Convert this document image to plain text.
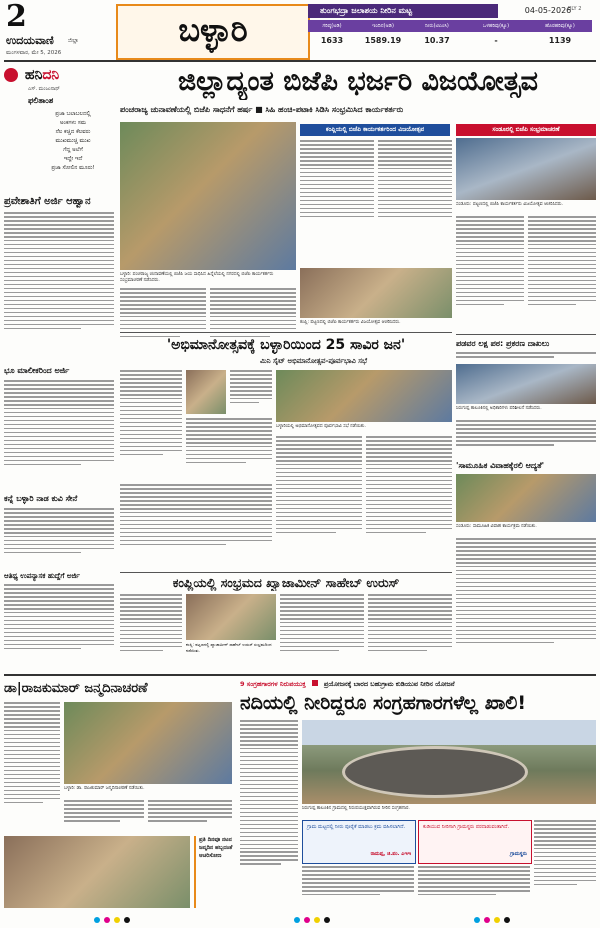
2
ಉದಯವಾಣಿ ಜಿಲ್ಲಾ
ಮಂಗಳವಾರ, ಮೇ 5, 2026
ಬಳ್ಳಾರಿ
BLY 2
ತುಂಗಭದ್ರಾ ಜಲಾಶಯ ನೀರಿನ ಮಟ್ಟ	04-05-2026
ಗರಿಷ್ಠ(ಅಡಿ)	ಇಂದಿನ(ಅಡಿ)	ನೀರು(ಟಿಎಂಸಿ)	ಒಳಹರಿವು(ಕ್ಯೂ)	ಹೊರಹರಿವು(ಕ್ಯೂ)
1633	1589.19	10.37	-	1139
ಹನಿದನಿ
ಎಸ್. ಮಂಜುನಾಥ್
ಫಲಿತಾಂಶ
ಪ್ರಜಾ ಬಲಾಬಲದಲ್ಲಿ
ಅಂಕಗಳು ಸಮ
ನೆಲ ಕಚ್ಚಿದ ಕೆಲವರು
ಮುಖಮುಚ್ಚಿ ಮುಖ
ಗೆದ್ದ ಅಲೆಗೆ
ಇದ್ದೇ ಇದೆ
ಪ್ರಜಾ ಸೋಲಿನ ಮೂರು!
ಪ್ರವೇಶಾತಿಗೆ ಅರ್ಜಿ ಆಹ್ವಾನ
ಭೂ ಮಾಲೀಕರಿಂದ ಅರ್ಜಿ
ಕನ್ನೆ ಬಳ್ಳಾರಿ ನಾಡ ಕುವಿ ಸೇನೆ
ಆತಿಥ್ಯ ಉಪನ್ಯಾಸಕ ಹುದ್ದೆಗೆ ಅರ್ಜಿ
ಜಿಲ್ಲಾದ್ಯಂತ ಬಿಜೆಪಿ ಭರ್ಜರಿ ವಿಜಯೋತ್ಸವ
ಪಂಚರಾಜ್ಯ ಚುನಾವಣೆಯಲ್ಲಿ ಬಿಜೆಪಿ ಸಾಧನೆಗೆ ಹರ್ಷ ■ ಸಿಹಿ ಹಂಚಿ-ಪಟಾಕಿ ಸಿಡಿಸಿ ಸಂಭ್ರಮಿಸಿದ ಕಾರ್ಯಕರ್ತರು
ಬಳ್ಳಾರಿ: ಪಂಚರಾಜ್ಯ ಚುನಾವಣೆಯಲ್ಲಿ ಬಿಜೆಪಿ ಜಯ ಸಾಧಿಸಿದ ಹಿನ್ನೆಲೆಯಲ್ಲಿ ನಗರದಲ್ಲಿ ಬಿಜೆಪಿ ಕಾರ್ಯಕರ್ತರು ಸಂಭ್ರಮಾಚರಣೆ ನಡೆಸಿದರು.
ಕಂಪ್ಲಿಯಲ್ಲಿ ಬಿಜೆಪಿ ಕಾರ್ಯಕರ್ತರಿಂದ ವಿಜಯೋತ್ಸವ
ಕಂಪ್ಲಿ: ಪಟ್ಟಣದಲ್ಲಿ ಬಿಜೆಪಿ ಕಾರ್ಯಕರ್ತರು ವಿಜಯೋತ್ಸವ ಆಚರಿಸಿದರು.
ಸಂಡೂರಲ್ಲಿ ಬಿಜೆಪಿ ಸಂಭ್ರಮಾಚರಣೆ
ಸಂಡೂರು: ಪಟ್ಟಣದಲ್ಲಿ ಬಿಜೆಪಿ ಕಾರ್ಯಕರ್ತರು ವಿಜಯೋತ್ಸವ ಆಚರಿಸಿದರು.
'ಅಭಿಮಾನೋತ್ಸವಕ್ಕೆ ಬಳ್ಳಾರಿಯಿಂದ 25 ಸಾವಿರ ಜನ'
ಮಿನಿ ಸೈಟ್ ಅಭಿಮಾನೋತ್ಸವ-ಪೂರ್ವಭಾವಿ ಸಭೆ
ಬಳ್ಳಾರಿಯಲ್ಲಿ ಅಭಿಮಾನೋತ್ಸವದ ಪೂರ್ವಭಾವಿ ಸಭೆ ನಡೆಯಿತು.
ಪಡವರ ಲಕ್ಷ ಪಠ: ಪ್ರಕರಣ ದಾಖಲು
ಸಿರುಗುಪ್ಪ ತಾಲೂಕಿನಲ್ಲಿ ಅಧಿಕಾರಿಗಳು ಪರಿಶೀಲನೆ ನಡೆಸಿದರು.
'ಸಾಮೂಹಿಕ ವಿವಾಹಕ್ಕೆರಲಿ ಆದ್ಯತೆ'
ಸಂಡೂರು: ಸಾಮೂಹಿಕ ವಿವಾಹ ಕಾರ್ಯಕ್ರಮ ನಡೆಯಿತು.
ಕಂಪ್ಲಿಯಲ್ಲಿ ಸಂಭ್ರಮದ ಖ್ವಾಜಾಮೀನ್ ಸಾಹೇಬ್ ಉರುಸ್
ಕಂಪ್ಲಿ: ಪಟ್ಟಣದಲ್ಲಿ ಖ್ವಾಜಾಮೀನ್ ಸಾಹೇಬ್ ಉರುಸ್ ಸಂಭ್ರಮದಿಂದ ನಡೆಯಿತು.
ಡಾ|ರಾಜಕುಮಾರ್ ಜನ್ಮದಿನಾಚರಣೆ
ಬಳ್ಳಾರಿ: ಡಾ. ರಾಜಕುಮಾರ್ ಜನ್ಮದಿನಾಚರಣೆ ನಡೆಯಿತು.
ಪ್ರತಿ ದಿನವೂ ನಟನ ಜನ್ಮದಿನ ಹಬ್ಬದಂತೆ ಆಚರಿಸೋಣ
9 ಸಂಗ್ರಹಗಾರಗಳ ನಿರುಪಯುಕ್ತ	ಪ್ರಯೋಜನಕ್ಕೆ ಬಾರದ ಬಹುಗ್ರಾಮ ಕುಡಿಯುವ ನೀರಿನ ಯೋಜನೆ
ನದಿಯಲ್ಲಿ ನೀರಿದ್ದರೂ ಸಂಗ್ರಹಗಾರಗಳೆಲ್ಲ ಖಾಲಿ!
ಸಿರುಗುಪ್ಪ ತಾಲೂಕಿನ ಗ್ರಾಮದಲ್ಲಿ ನಿರುಪಯುಕ್ತವಾಗಿರುವ ನೀರಿನ ಸಂಗ್ರಹಗಾರ.
ಗ್ರಾಮ ಮಟ್ಟದಲ್ಲಿ ನೀರು ಪೂರೈಕೆ ಮಾಡಲು ಕ್ರಮ ವಹಿಸಲಾಗಿದೆ.
ರಾಮಪ್ಪ, ಜಿ.ಪಂ. ಎಇಇ
ಕುಡಿಯುವ ನೀರಿಗಾಗಿ ಗ್ರಾಮಸ್ಥರು ಪರದಾಡುವಂತಾಗಿದೆ.
ಗ್ರಾಮಸ್ಥರು
